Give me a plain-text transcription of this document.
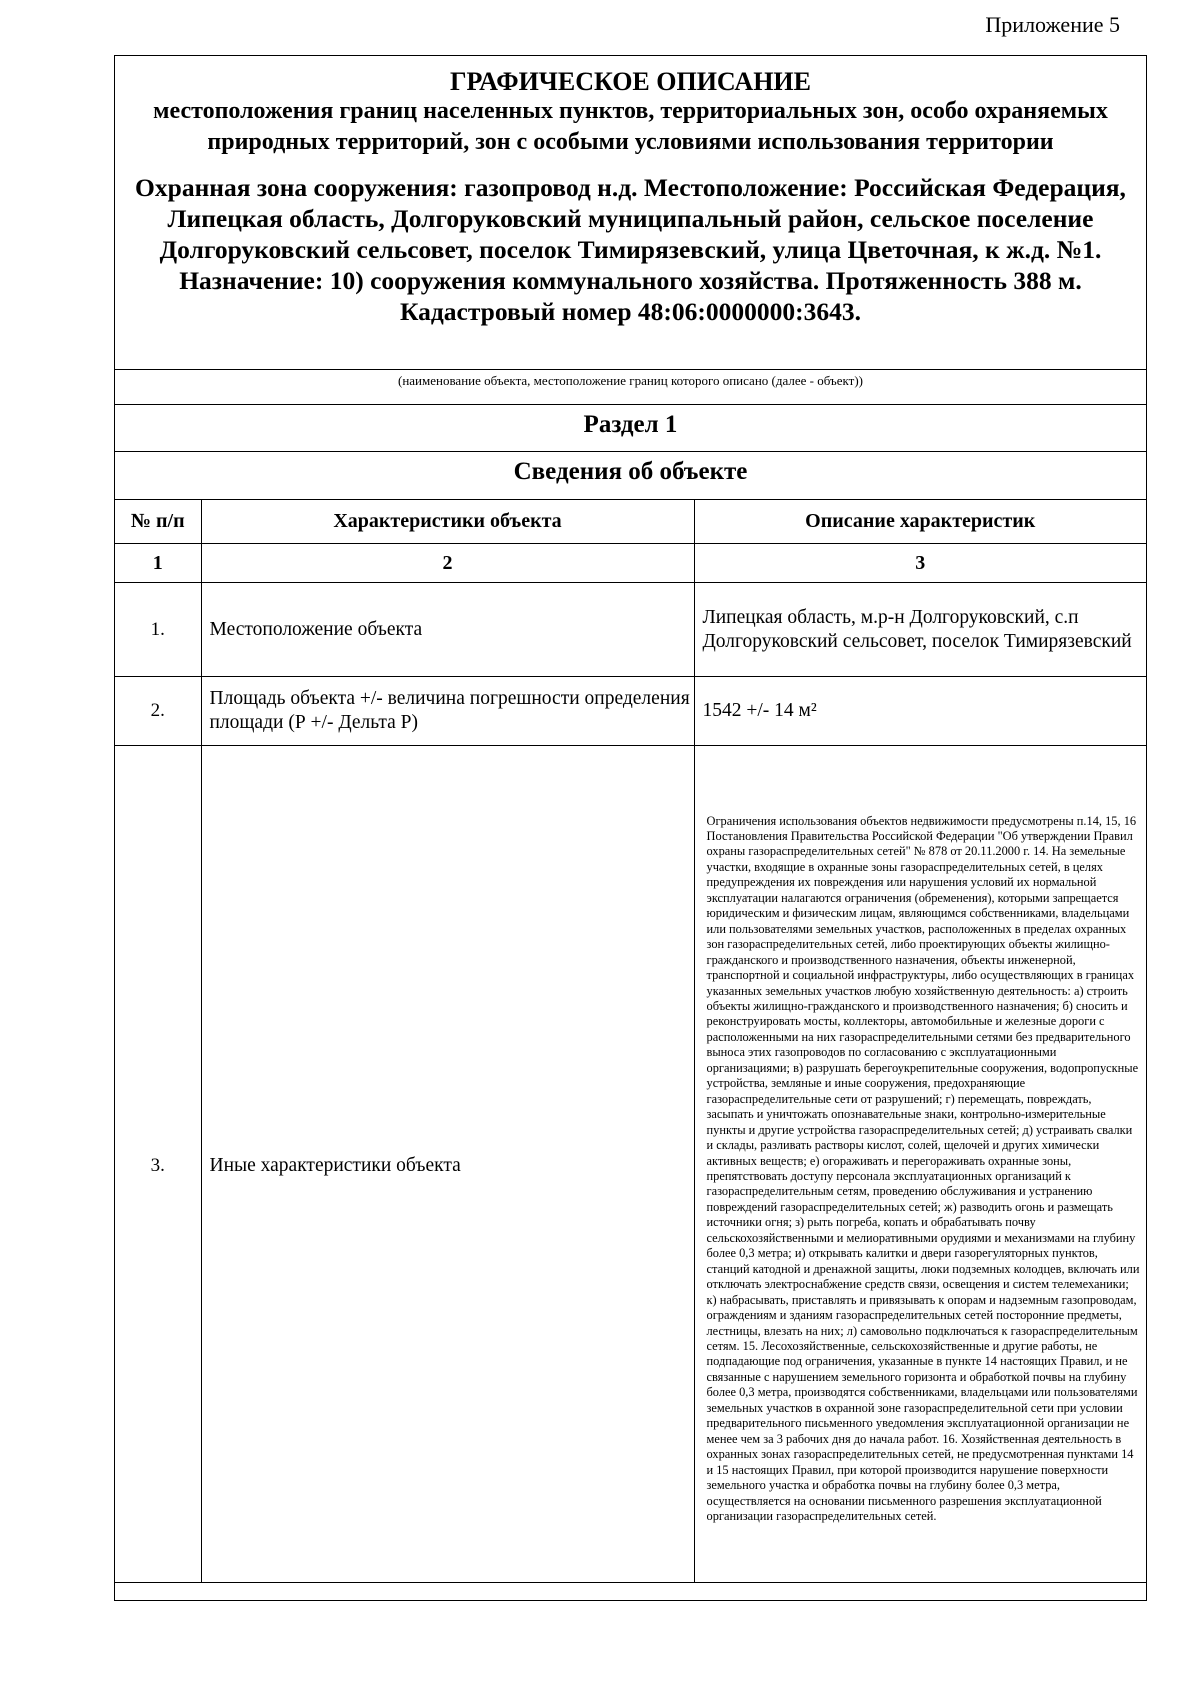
Приложение 5
ГРАФИЧЕСКОЕ ОПИСАНИЕ
местоположения границ населенных пунктов, территориальных зон, особо охраняемых природных территорий, зон с особыми условиями использования территории
Охранная зона сооружения: газопровод н.д. Местоположение: Российская Федерация, Липецкая область, Долгоруковский муниципальный район, сельское поселение Долгоруковский сельсовет, поселок Тимирязевский, улица Цветочная, к ж.д. №1. Назначение: 10) сооружения коммунального хозяйства. Протяженность 388 м. Кадастровый номер 48:06:0000000:3643.
(наименование объекта, местоположение границ которого описано (далее - объект))
Раздел 1
Сведения об объекте
№ п/п	Характеристики объекта	Описание характеристик
1	2	3
1.	Местоположение объекта	Липецкая область, м.р-н Долгоруковский, с.п Долгоруковский сельсовет, поселок Тимирязевский
2.	Площадь объекта +/- величина погрешности определения площади (Р +/- Дельта Р)	1542 +/- 14 м²
3.	Иные характеристики объекта	Ограничения использования объектов недвижимости предусмотрены п.14, 15, 16 Постановления Правительства Российской Федерации "Об утверждении Правил охраны газораспределительных сетей" № 878 от 20.11.2000 г. 14. На земельные участки, входящие в охранные зоны газораспределительных сетей, в целях предупреждения их повреждения или нарушения условий их нормальной эксплуатации налагаются ограничения (обременения), которыми запрещается юридическим и физическим лицам, являющимся собственниками, владельцами или пользователями земельных участков, расположенных в пределах охранных зон газораспределительных сетей, либо проектирующих объекты жилищно-гражданского и производственного назначения, объекты инженерной, транспортной и социальной инфраструктуры, либо осуществляющих в границах указанных земельных участков любую хозяйственную деятельность: а) строить объекты жилищно-гражданского и производственного назначения; б) сносить и реконструировать мосты, коллекторы, автомобильные и железные дороги с расположенными на них газораспределительными сетями без предварительного выноса этих газопроводов по согласованию с эксплуатационными организациями; в) разрушать берегоукрепительные сооружения, водопропускные устройства, земляные и иные сооружения, предохраняющие газораспределительные сети от разрушений; г) перемещать, повреждать, засыпать и уничтожать опознавательные знаки, контрольно-измерительные пункты и другие устройства газораспределительных сетей; д) устраивать свалки и склады, разливать растворы кислот, солей, щелочей и других химически активных веществ; е) огораживать и перегораживать охранные зоны, препятствовать доступу персонала эксплуатационных организаций к газораспределительным сетям, проведению обслуживания и устранению повреждений газораспределительных сетей; ж) разводить огонь и размещать источники огня; з) рыть погреба, копать и обрабатывать почву сельскохозяйственными и мелиоративными орудиями и механизмами на глубину более 0,3 метра; и) открывать калитки и двери газорегуляторных пунктов, станций катодной и дренажной защиты, люки подземных колодцев, включать или отключать электроснабжение средств связи, освещения и систем телемеханики; к) набрасывать, приставлять и привязывать к опорам и надземным газопроводам, ограждениям и зданиям газораспределительных сетей посторонние предметы, лестницы, влезать на них; л) самовольно подключаться к газораспределительным сетям. 15. Лесохозяйственные, сельскохозяйственные и другие работы, не подпадающие под ограничения, указанные в пункте 14 настоящих Правил, и не связанные с нарушением земельного горизонта и обработкой почвы на глубину более 0,3 метра, производятся собственниками, владельцами или пользователями земельных участков в охранной зоне газораспределительной сети при условии предварительного письменного уведомления эксплуатационной организации не менее чем за 3 рабочих дня до начала работ. 16. Хозяйственная деятельность в охранных зонах газораспределительных сетей, не предусмотренная пунктами 14 и 15 настоящих Правил, при которой производится нарушение поверхности земельного участка и обработка почвы на глубину более 0,3 метра, осуществляется на основании письменного разрешения эксплуатационной организации газораспределительных сетей.
